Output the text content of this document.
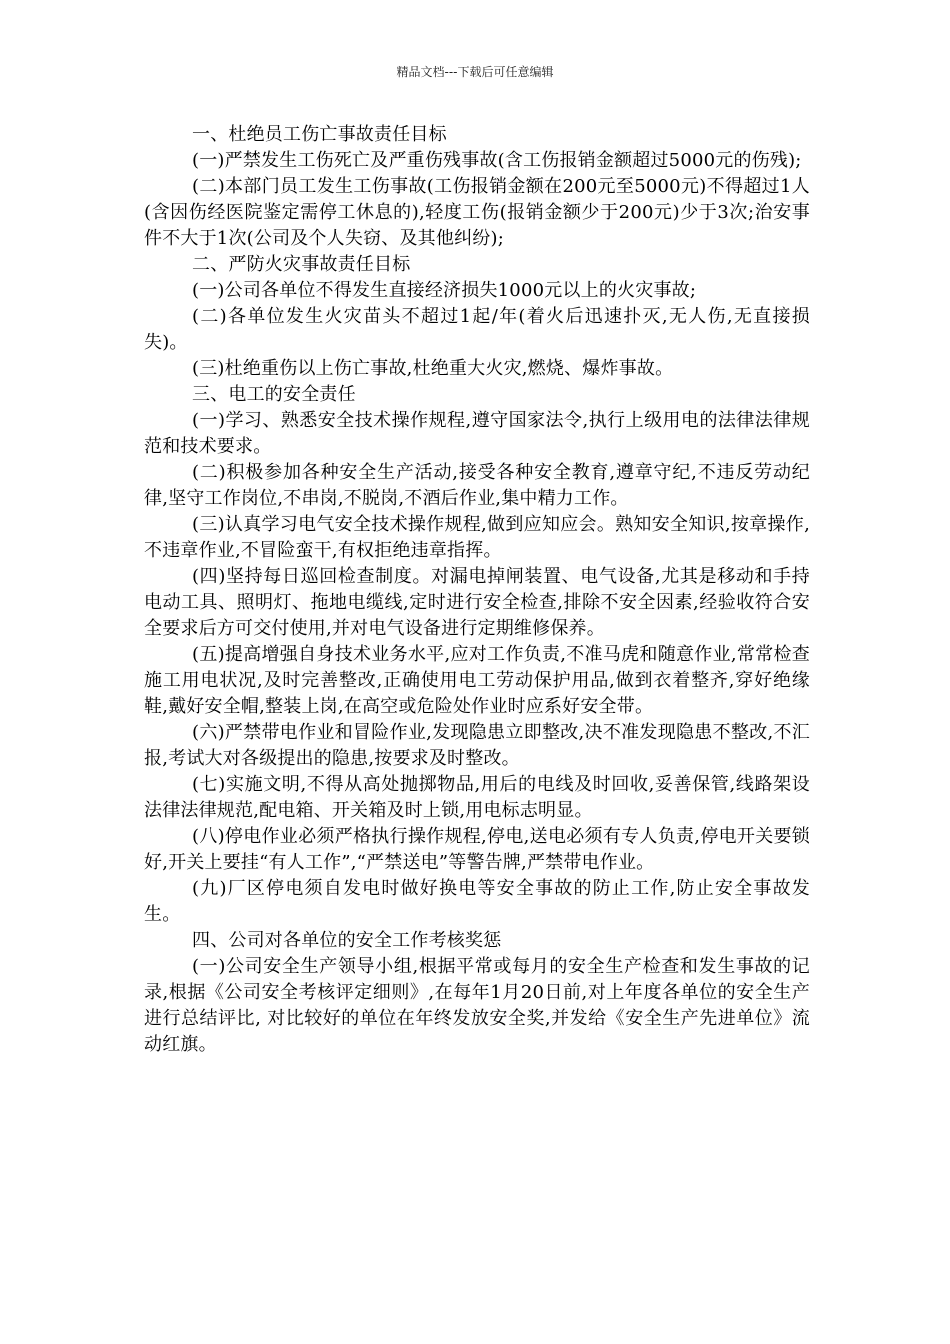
精品文档---下载后可任意编辑

一、杜绝员工伤亡事故责任目标

(一)严禁发生工伤死亡及严重伤残事故(含工伤报销金额超过5000元的伤残);

(二)本部门员工发生工伤事故(工伤报销金额在200元至5000元)不得超过1人(含因伤经医院鉴定需停工休息的),轻度工伤(报销金额少于200元)少于3次;治安事件不大于1次(公司及个人失窃、及其他纠纷);

二、严防火灾事故责任目标

(一)公司各单位不得发生直接经济损失1000元以上的火灾事故;

(二)各单位发生火灾苗头不超过1起/年(着火后迅速扑灭,无人伤,无直接损失)。

(三)杜绝重伤以上伤亡事故,杜绝重大火灾,燃烧、爆炸事故。

三、电工的安全责任

(一)学习、熟悉安全技术操作规程,遵守国家法令,执行上级用电的法律法律规范和技术要求。

(二)积极参加各种安全生产活动,接受各种安全教育,遵章守纪,不违反劳动纪律,坚守工作岗位,不串岗,不脱岗,不酒后作业,集中精力工作。

(三)认真学习电气安全技术操作规程,做到应知应会。熟知安全知识,按章操作,不违章作业,不冒险蛮干,有权拒绝违章指挥。

(四)坚持每日巡回检查制度。对漏电掉闸装置、电气设备,尤其是移动和手持电动工具、照明灯、拖地电缆线,定时进行安全检查,排除不安全因素,经验收符合安全要求后方可交付使用,并对电气设备进行定期维修保养。

(五)提高增强自身技术业务水平,应对工作负责,不准马虎和随意作业,常常检查施工用电状况,及时完善整改,正确使用电工劳动保护用品,做到衣着整齐,穿好绝缘鞋,戴好安全帽,整装上岗,在高空或危险处作业时应系好安全带。

(六)严禁带电作业和冒险作业,发现隐患立即整改,决不准发现隐患不整改,不汇报,考试大对各级提出的隐患,按要求及时整改。

(七)实施文明,不得从高处抛掷物品,用后的电线及时回收,妥善保管,线路架设法律法律规范,配电箱、开关箱及时上锁,用电标志明显。

(八)停电作业必须严格执行操作规程,停电,送电必须有专人负责,停电开关要锁好,开关上要挂“有人工作”,“严禁送电”等警告牌,严禁带电作业。

(九)厂区停电须自发电时做好换电等安全事故的防止工作,防止安全事故发生。

四、公司对各单位的安全工作考核奖惩

(一)公司安全生产领导小组,根据平常或每月的安全生产检查和发生事故的记录,根据《公司安全考核评定细则》,在每年1月20日前,对上年度各单位的安全生产进行总结评比, 对比较好的单位在年终发放安全奖,并发给《安全生产先进单位》流动红旗。
